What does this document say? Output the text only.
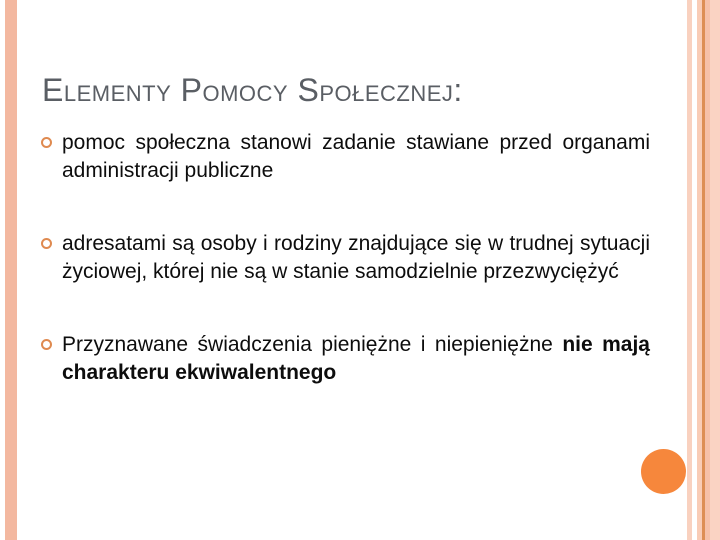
Elementy Pomocy Społecznej:

pomoc społeczna stanowi zadanie stawiane przed organami administracji publiczne

adresatami są osoby i rodziny znajdujące się w trudnej sytuacji życiowej, której nie są w stanie samodzielnie przezwyciężyć

Przyznawane świadczenia pieniężne i niepieniężne nie mają charakteru ekwiwalentnego
